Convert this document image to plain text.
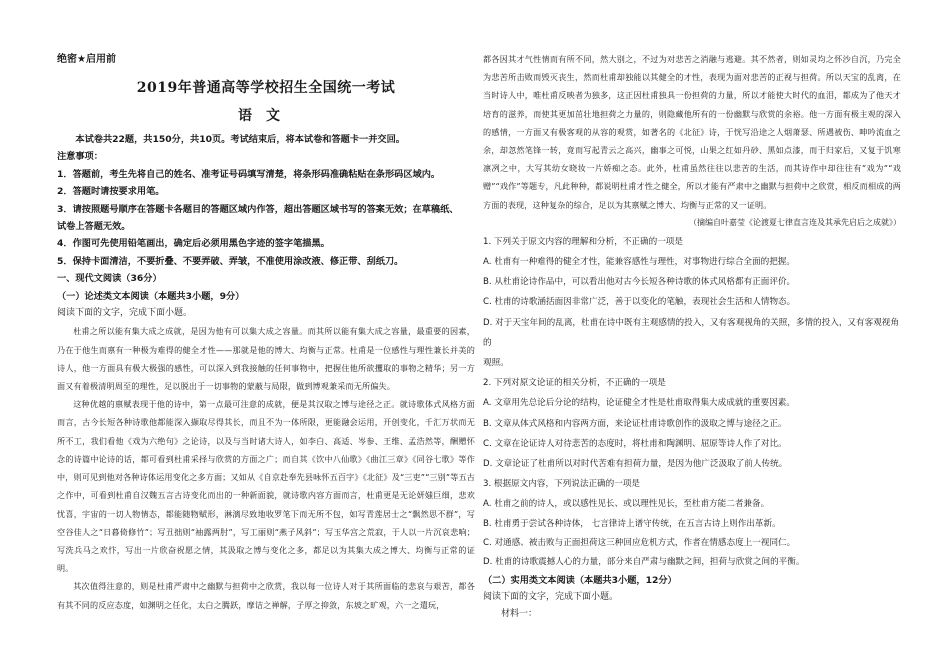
绝密★启用前

2019年普通高等学校招生全国统一考试

语文

本试卷共22题，共150分，共10页。考试结束后，将本试卷和答题卡一并交回。

注意事项：

1．答题前，考生先将自己的姓名、准考证号码填写清楚，将条形码准确粘贴在条形码区域内。

2．答题时请按要求用笔。

3．请按照题号顺序在答题卡各题目的答题区域内作答，超出答题区域书写的答案无效；在草稿纸、

试卷上答题无效。

4．作图可先使用铅笔画出，确定后必须用黑色字迹的签字笔描黑。

5．保持卡面清洁，不要折叠、不要弄破、弄皱，不准使用涂改液、修正带、刮纸刀。

一、现代文阅读（36分）

（一）论述类文本阅读（本题共3小题，9分）

阅读下面的文字，完成下面小题。

杜甫之所以能有集大成之成就，是因为他有可以集大成之容量。而其所以能有集大成之容量，最重要的因素，乃在于他生而禀有一种极为难得的健全才性——那就是他的博大、均衡与正常。杜甫是一位感性与理性兼长并美的诗人，他一方面具有极大极强的感性，可以深入到我接触的任何事物中，把握住他所欲攫取的事物之精华；另一方面又有着极清明周至的理性，足以脱出于一切事物的蒙蔽与局限，做到博观兼采而无所偏失。

这种优越的禀赋表现于他的诗中，第一点最可注意的成就，便是其汉取之博与途径之正。就诗歌体式风格方面而言，古今长短各种诗歌他都能深入撷取尽得其长，而且不为一体所限，更能融会运用，开创变化，千汇万状而无所不工，我们看他《戏为六绝句》之论诗，以及与当时诸大诗人，如李白、高适、岑参、王维、孟浩然等，酬赠怀念的诗篇中论诗的话，都可看到杜甫采择与欣赏的方面之广；而自其《饮中八仙歌》《曲江三章》《同谷七歌》等作中，则可见到他对各种诗体运用变化之多方面；又如从《自京赴奉先县咏怀五百字》《北征》及“三吏”“三别”等五古之作中，可看到杜甫自汉魏五言古诗变化而出的一种新面貌，就诗歌内容方面而言，杜甫更是无论妍媸巨细，悲欢忧喜，宇宙的一切人物情态，都能随物赋形，淋漓尽致地收罗笔下而无所不包，如写青莲居士之“飘然思不群”，写空谷佳人之“日暮倚修竹”；写丑拙则“袖露两肘”，写工丽则“燕子风斜”；写玉华宫之荒寂，于人以一片沉哀悲响；写洗兵马之欢忭，写出一片欣奋祝愿之情，其汲取之博与变化之多，都足以为其集大成之博大、均衡与正常的证明。

其次值得注意的，则是杜甫严肃中之幽默与担荷中之欣赏，我以每一位诗人对于其所面临的悲哀与艰苦，都各有其不同的反应态度，如渊明之任化，太白之腾跃，摩诘之禅解，子厚之抑敛，东坡之旷观，六一之遣玩，

都各因其才气性情而有所不同，然大别之，不过为对悲苦之消融与逃避。其不然者，则如灵均之怀沙自沉，乃完全为悲苦所击败而毁灭丧生，然而杜甫却独能以其健全的才性，表现为面对悲苦的正视与担荷。所以天宝的乱离，在当时诗人中，唯杜甫反映者为独多，这正因杜甫独具一份担荷的力量，所以才能使大时代的血泪，都成为了他天才培育的滋养，而使其更加茁壮地担荷之力量的，则隐藏他所有的一份幽默与欣赏的余裕。他一方面有极主观的深入的感情，一方面又有极客观的从容的观赏，如著名的《北征》诗，于恍写沿途之人烟萧瑟、所遇被伤、呻吟流血之余，却忽然笔锋一转，竟而写起青云之高兴，幽事之可悦，山果之红如丹砂、黑如点漆，而于归家后，又复于饥寒凛冽之中，大写其幼女晓妆一片娇痴之态。此外，杜甫虽然往往以悲苦的生活，而其诗作中却往往有“戏为”“戏赠”“戏作”等题专，凡此种种，都说明杜甫才性之健全，所以才能有严肃中之幽默与担荷中之欣赏，相反而相成的两方面的表现，这种复杂的综合，足以为其禀赋之博大、均衡与正常的又一证明。

（摘编自叶嘉莹《论渡夏七律直言连及其承先启后之成就》）

1. 下列关于原文内容的理解和分析，不正确的一项是

A. 杜甫有一种难得的健全才性，能兼容感性与理性，对事物进行综合全面的把握。

B. 从杜甫论诗作品中，可以看出他对古今长短各种诗歌的体式风格都有正面评价。

C. 杜甫的诗歌涵括面因非常广泛，善于以变化的笔触，表现社会生活和人情物态。

D. 对于天宝年间的乱离，杜甫在诗中既有主观感情的投入，又有客观视角的关照，多情的投入，又有客观视角的

观照。

2. 下列对原文论证的相关分析，不正确的一项是

A. 文章用先总论后分论的结构，论证健全才性是杜甫取得集大成成就的重要因素。

B. 文章从体式风格和内容两方面，来论证杜甫诗歌创作的汲取之博与途径之正。

C. 文章在论证诗人对待悲苦的态度时，将杜甫和陶渊明、屈原等诗人作了对比。

D. 文章论证了杜甫所以对时代苦难有担荷力量，是因为他广泛汲取了前人传统。

3. 根据原文内容，下列说法正确的一项是

A. 杜甫之前的诗人，或以感性见长、或以理性见长，至杜甫方能二者兼备。

B. 杜甫勇于尝试各种诗体， 七言律诗上谱守传统，在五言古诗上则作出革新。

C. 对通感、被击败与正面担荷这三种回应危机方式，作者在情感态度上一视同仁。

D. 杜甫的诗歌震撼人心的力量，部分来自严肃与幽默之间，担荷与欣赏之间的平衡。

（二）实用类文本阅读（本题共3小题，12分）

阅读下面的文字，完成下面小题。

材料一：
